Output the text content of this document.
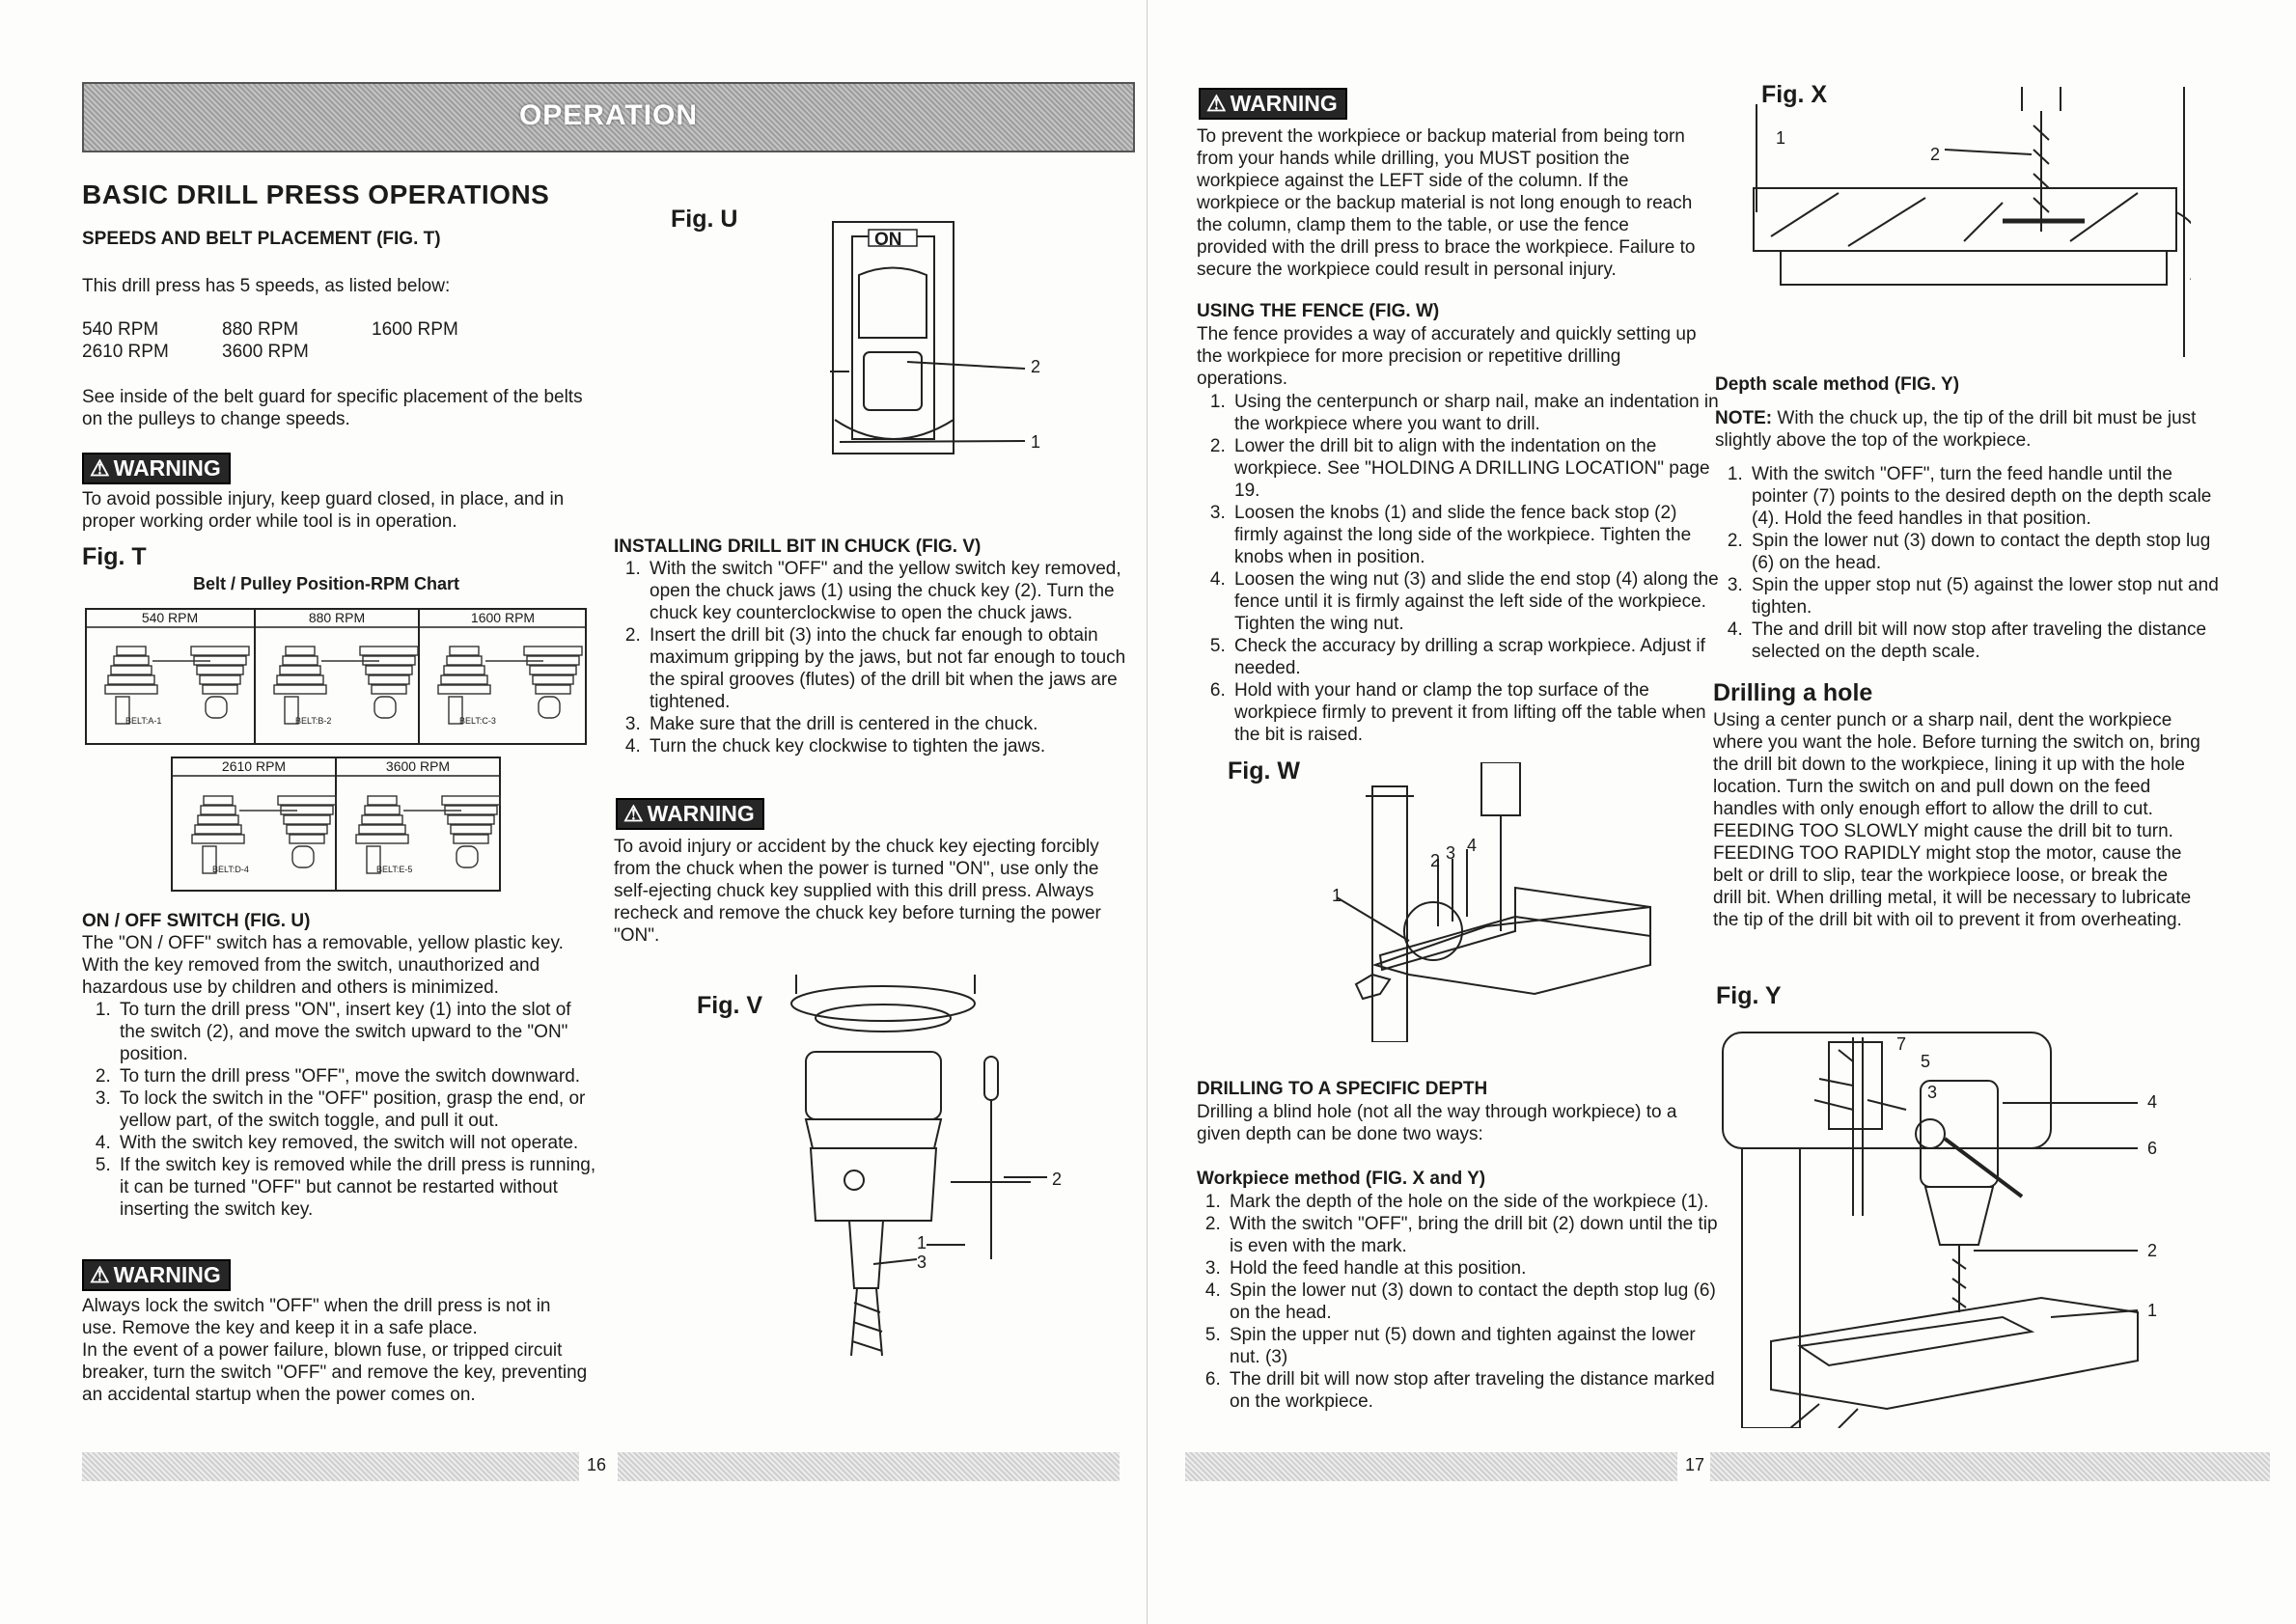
OPERATION
BASIC DRILL PRESS OPERATIONS
SPEEDS AND BELT PLACEMENT (FIG. T)
This drill press has 5 speeds, as listed below:
540 RPM	880 RPM	1600 RPM
2610 RPM	3600 RPM
See inside of the belt guard for specific placement of the belts on the pulleys to change speeds.
⚠ WARNING
To avoid possible injury, keep guard closed, in place, and in proper working order while tool is in operation.
Fig. T
Belt / Pulley Position-RPM Chart
540 RPM	880 RPM	1600 RPM
2610 RPM	3600 RPM
BELT:A-1	BELT:B-2	BELT:C-3
BELT:D-4	BELT:E-5
ON / OFF SWITCH (FIG. U)
The "ON / OFF" switch has a removable, yellow plastic key. With the key removed from the switch, unauthorized and hazardous use by children and others is minimized.
1. To turn the drill press "ON", insert key (1) into the slot of the switch (2), and move the switch upward to the "ON" position.
2. To turn the drill press "OFF", move the switch downward.
3. To lock the switch in the "OFF" position, grasp the end, or yellow part, of the switch toggle, and pull it out.
4. With the switch key removed, the switch will not operate.
5. If the switch key is removed while the drill press is running, it can be turned "OFF" but cannot be restarted without inserting the switch key.
⚠ WARNING
Always lock the switch "OFF" when the drill press is not in use. Remove the key and keep it in a safe place.
In the event of a power failure, blown fuse, or tripped circuit breaker, turn the switch "OFF" and remove the key, preventing an accidental startup when the power comes on.
16
Fig. U
ON
2
1
INSTALLING DRILL BIT IN CHUCK (FIG. V)
1. With the switch "OFF" and the yellow switch key removed, open the chuck jaws (1) using the chuck key (2). Turn the chuck key counterclockwise to open the chuck jaws.
2. Insert the drill bit (3) into the chuck far enough to obtain maximum gripping by the jaws, but not far enough to touch the spiral grooves (flutes) of the drill bit when the jaws are tightened.
3. Make sure that the drill is centered in the chuck.
4. Turn the chuck key clockwise to tighten the jaws.
⚠ WARNING
To avoid injury or accident by the chuck key ejecting forcibly from the chuck when the power is turned "ON", use only the self-ejecting chuck key supplied with this drill press. Always recheck and remove the chuck key before turning the power "ON".
Fig. V
2
1
3
⚠ WARNING
To prevent the workpiece or backup material from being torn from your hands while drilling, you MUST position the workpiece against the LEFT side of the column. If the workpiece or the backup material is not long enough to reach the column, clamp them to the table, or use the fence provided with the drill press to brace the workpiece. Failure to secure the workpiece could result in personal injury.
USING THE FENCE (FIG. W)
The fence provides a way of accurately and quickly setting up the workpiece for more precision or repetitive drilling operations.
1. Using the centerpunch or sharp nail, make an indentation in the workpiece where you want to drill.
2. Lower the drill bit to align with the indentation on the workpiece. See "HOLDING A DRILLING LOCATION" page 19.
3. Loosen the knobs (1) and slide the fence back stop (2) firmly against the long side of the workpiece. Tighten the knobs when in position.
4. Loosen the wing nut (3) and slide the end stop (4) along the fence until it is firmly against the left side of the workpiece. Tighten the wing nut.
5. Check the accuracy by drilling a scrap workpiece. Adjust if needed.
6. Hold with your hand or clamp the top surface of the workpiece firmly to prevent it from lifting off the table when the bit is raised.
Fig. W
1
2 3 4
DRILLING TO A SPECIFIC DEPTH
Drilling a blind hole (not all the way through workpiece) to a given depth can be done two ways:
Workpiece method (FIG. X and Y)
1. Mark the depth of the hole on the side of the workpiece (1).
2. With the switch "OFF", bring the drill bit (2) down until the tip is even with the mark.
3. Hold the feed handle at this position.
4. Spin the lower nut (3) down to contact the depth stop lug (6) on the head.
5. Spin the upper nut (5) down and tighten against the lower nut. (3)
6. The drill bit will now stop after traveling the distance marked on the workpiece.
17
Fig. X
1
2
Depth scale method (FIG. Y)
NOTE: With the chuck up, the tip of the drill bit must be just slightly above the top of the workpiece.
1. With the switch "OFF", turn the feed handle until the pointer (7) points to the desired depth on the depth scale (4). Hold the feed handles in that position.
2. Spin the lower nut (3) down to contact the depth stop lug (6) on the head.
3. Spin the upper stop nut (5) against the lower stop nut and tighten.
4. The and drill bit will now stop after traveling the distance selected on the depth scale.
Drilling a hole
Using a center punch or a sharp nail, dent the workpiece where you want the hole. Before turning the switch on, bring the drill bit down to the workpiece, lining it up with the hole location. Turn the switch on and pull down on the feed handles with only enough effort to allow the drill to cut.
FEEDING TOO SLOWLY might cause the drill bit to turn. FEEDING TOO RAPIDLY might stop the motor, cause the belt or drill to slip, tear the workpiece loose, or break the drill bit. When drilling metal, it will be necessary to lubricate the tip of the drill bit with oil to prevent it from overheating.
Fig. Y
7
5
3	4
6
2
1
